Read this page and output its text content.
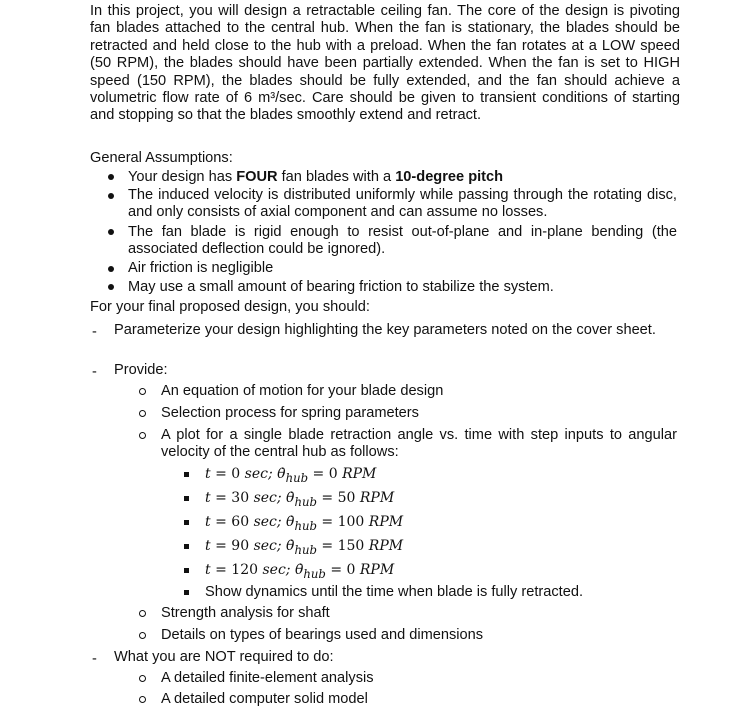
In this project, you will design a retractable ceiling fan. The core of the design is pivoting fan blades attached to the central hub. When the fan is stationary, the blades should be retracted and held close to the hub with a preload. When the fan rotates at a LOW speed (50 RPM), the blades should have been partially extended. When the fan is set to HIGH speed (150 RPM), the blades should be fully extended, and the fan should achieve a volumetric flow rate of 6 m³/sec. Care should be given to transient conditions of starting and stopping so that the blades smoothly extend and retract.

General Assumptions:
Your design has FOUR fan blades with a 10-degree pitch
The induced velocity is distributed uniformly while passing through the rotating disc, and only consists of axial component and can assume no losses.
The fan blade is rigid enough to resist out-of-plane and in-plane bending (the associated deflection could be ignored).
Air friction is negligible
May use a small amount of bearing friction to stabilize the system.
For your final proposed design, you should:
- Parameterize your design highlighting the key parameters noted on the cover sheet.
- Provide:
An equation of motion for your blade design
Selection process for spring parameters
A plot for a single blade retraction angle vs. time with step inputs to angular velocity of the central hub as follows:
t = 0 sec; $\thetȧ_{hub} = 0$ RPM
t = 30 sec; $\thetȧ_{hub} = 50$ RPM
t = 60 sec; $\thetȧ_{hub} = 100$ RPM
t = 90 sec; $\thetȧ_{hub} = 150$ RPM
t = 120 sec; $\thetȧ_{hub} = 0$ RPM
Show dynamics until the time when blade is fully retracted.
Strength analysis for shaft
Details on types of bearings used and dimensions
- What you are NOT required to do:
A detailed finite-element analysis
A detailed computer solid model
